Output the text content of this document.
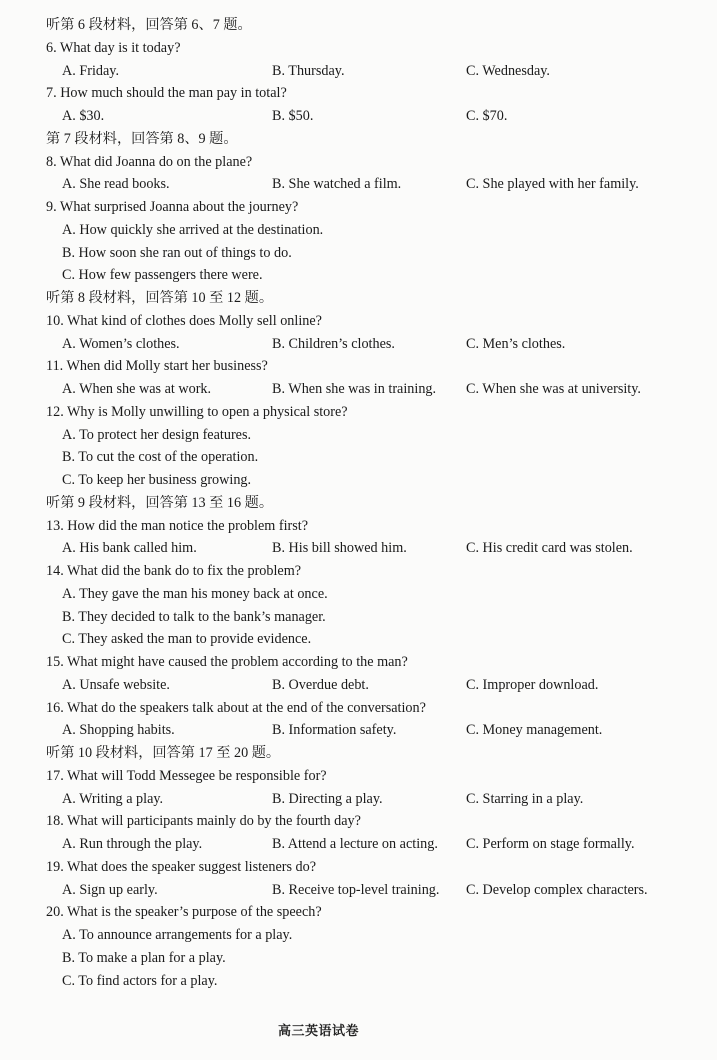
听第 6 段材料，回答第 6、7 题。
6. What day is it today?
A. Friday.	B. Thursday.	C. Wednesday.
7. How much should the man pay in total?
A. $30.	B. $50.	C. $70.
第 7 段材料，回答第 8、9 题。
8. What did Joanna do on the plane?
A. She read books.	B. She watched a film.	C. She played with her family.
9. What surprised Joanna about the journey?
A. How quickly she arrived at the destination.
B. How soon she ran out of things to do.
C. How few passengers there were.
听第 8 段材料，回答第 10 至 12 题。
10. What kind of clothes does Molly sell online?
A. Women’s clothes.	B. Children’s clothes.	C. Men’s clothes.
11. When did Molly start her business?
A. When she was at work.	B. When she was in training. C. When she was at university.
12. Why is Molly unwilling to open a physical store?
A. To protect her design features.
B. To cut the cost of the operation.
C. To keep her business growing.
听第 9 段材料，回答第 13 至 16 题。
13. How did the man notice the problem first?
A. His bank called him.	B. His bill showed him.	C. His credit card was stolen.
14. What did the bank do to fix the problem?
A. They gave the man his money back at once.
B. They decided to talk to the bank’s manager.
C. They asked the man to provide evidence.
15. What might have caused the problem according to the man?
A. Unsafe website.	B. Overdue debt.	C. Improper download.
16. What do the speakers talk about at the end of the conversation?
A. Shopping habits.	B. Information safety.	C. Money management.
听第 10 段材料，回答第 17 至 20 题。
17. What will Todd Messegee be responsible for?
A. Writing a play.	B. Directing a play.	C. Starring in a play.
18. What will participants mainly do by the fourth day?
A. Run through the play.	B. Attend a lecture on acting. C. Perform on stage formally.
19. What does the speaker suggest listeners do?
A. Sign up early.	B. Receive top-level training. C. Develop complex characters.
20. What is the speaker’s purpose of the speech?
A. To announce arrangements for a play.
B. To make a plan for a play.
C. To find actors for a play.
高三英语试卷
